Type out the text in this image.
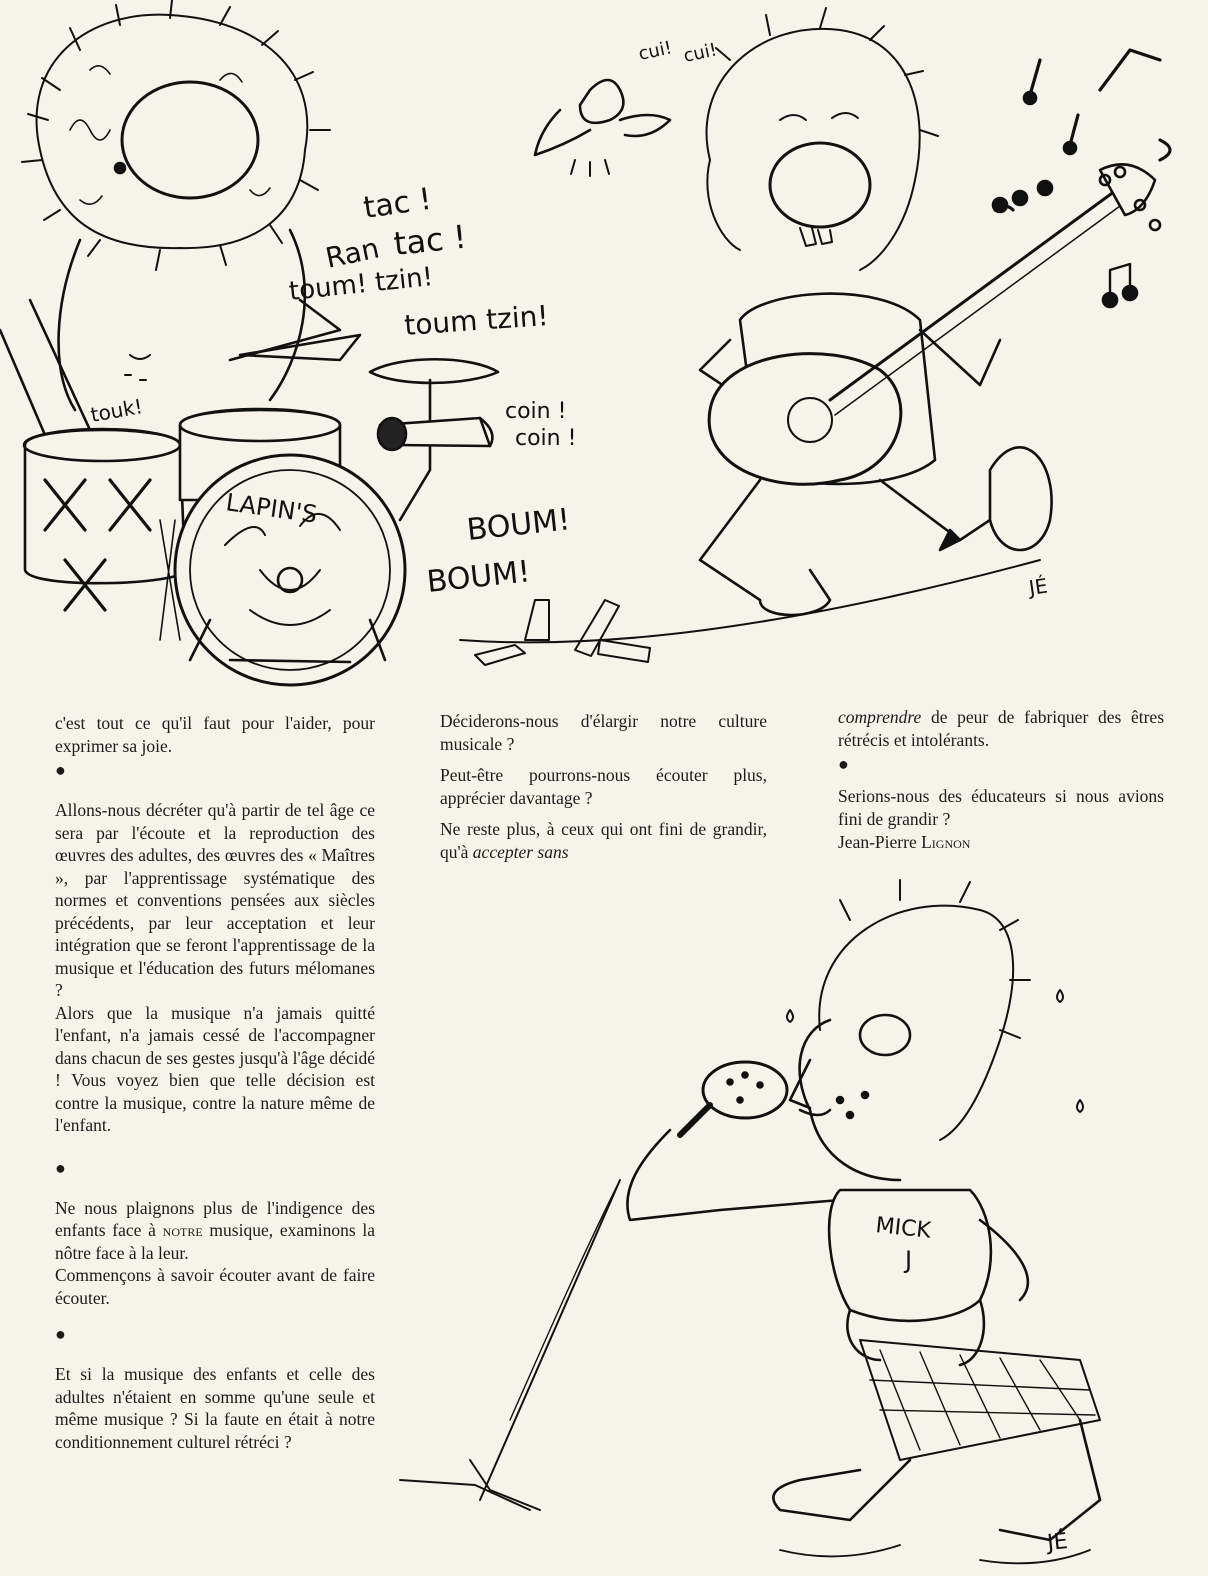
tac !
tac !
Ran
toum! tzin!
toum tzin!
touk!
cui! cui!
coin !
coin !
BOUM!
BOUM!
LAPIN'S
JÉ
MICK
J
JÉ

c'est tout ce qu'il faut pour l'aider, pour exprimer sa joie.

●

Allons-nous décréter qu'à partir de tel âge ce sera par l'écoute et la reproduction des œuvres des adultes, des œuvres des « Maîtres », par l'apprentissage systématique des normes et conventions pensées aux siècles précédents, par leur acceptation et leur intégration que se feront l'apprentissage de la musique et l'éducation des futurs mélomanes ?

Alors que la musique n'a jamais quitté l'enfant, n'a jamais cessé de l'accompagner dans chacun de ses gestes jusqu'à l'âge décidé ! Vous voyez bien que telle décision est contre la musique, contre la nature même de l'enfant.

●

Ne nous plaignons plus de l'indigence des enfants face à notre musique, examinons la nôtre face à la leur.

Commençons à savoir écouter avant de faire écouter.

●

Et si la musique des enfants et celle des adultes n'étaient en somme qu'une seule et même musique ? Si la faute en était à notre conditionnement culturel rétréci ?

Déciderons-nous d'élargir notre culture musicale ?

Peut-être pourrons-nous écouter plus, apprécier davantage ?

Ne reste plus, à ceux qui ont fini de grandir, qu'à accepter sans

comprendre de peur de fabriquer des êtres rétrécis et intolérants.

●

Serions-nous des éducateurs si nous avions fini de grandir ?

Jean-Pierre Lignon
